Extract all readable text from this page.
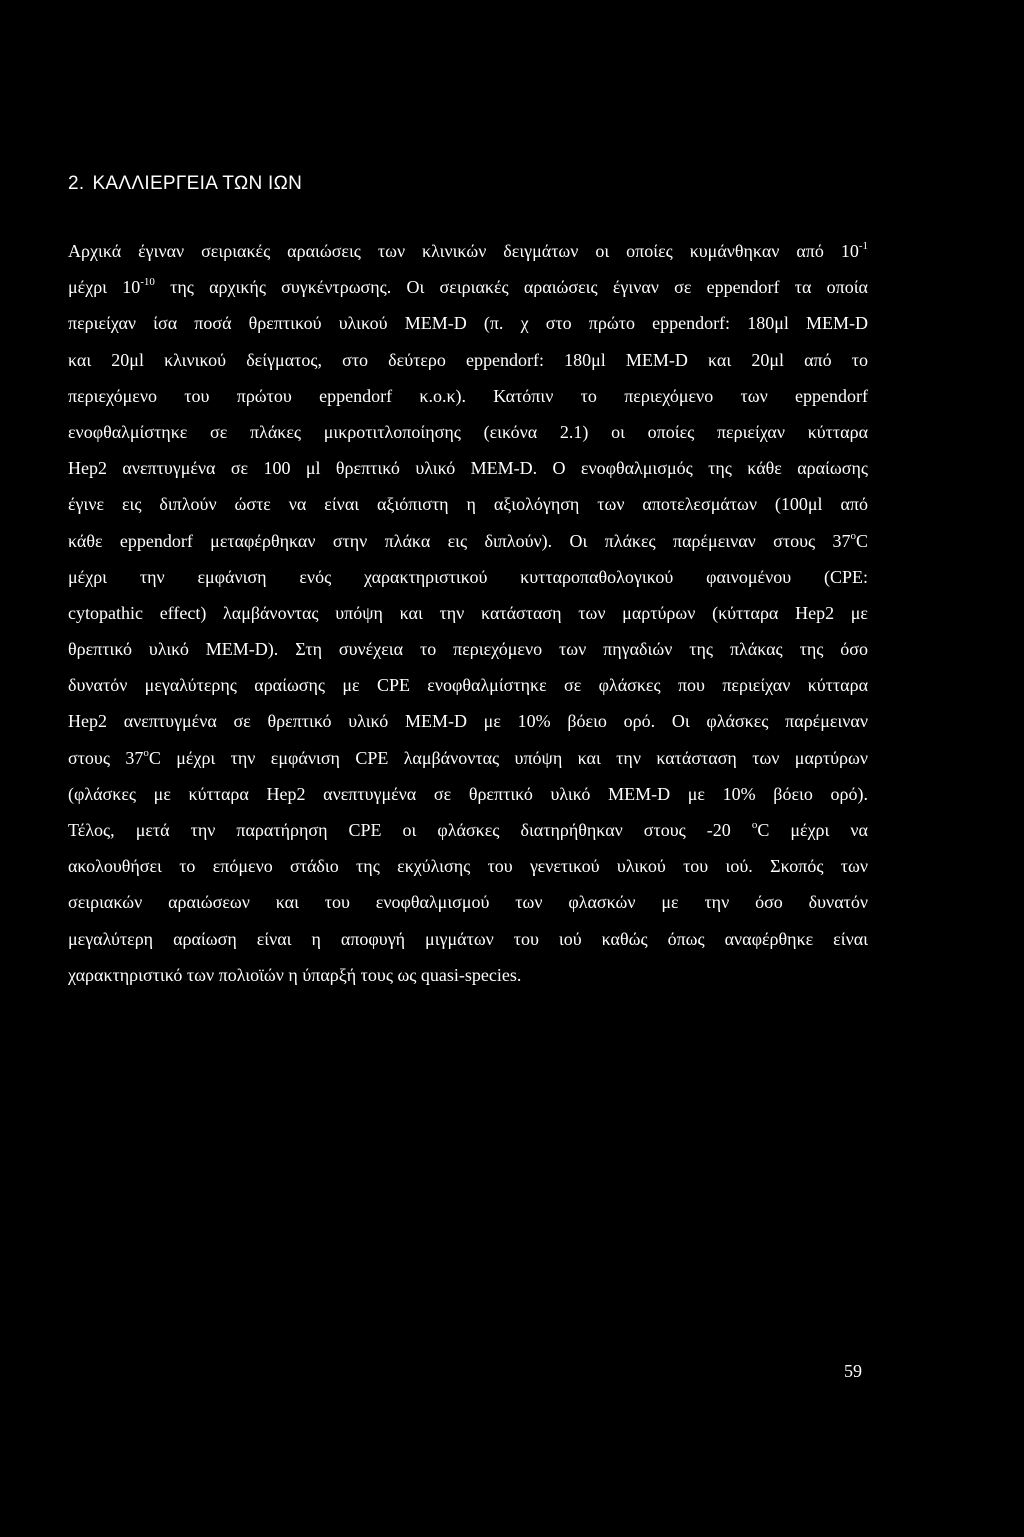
2. ΚΑΛΛΙΕΡΓΕΙΑ ΤΩΝ ΙΩΝ
Αρχικά έγιναν σειριακές αραιώσεις των κλινικών δειγμάτων οι οποίες κυμάνθηκαν από $10^{-1}$
μέχρι $10^{-10}$ της αρχικής συγκέντρωσης. Οι σειριακές αραιώσεις έγιναν σε eppendorf τα οποία
περιείχαν ίσα ποσά θρεπτικού υλικού MEM-D (π. χ στο πρώτο eppendorf: 180μl MEM-D
και 20μl κλινικού δείγματος, στο δεύτερο eppendorf: 180μl MEM-D και 20μl από το
περιεχόμενο του πρώτου eppendorf κ.ο.κ). Κατόπιν το περιεχόμενο των eppendorf
ενοφθαλμίστηκε σε πλάκες μικροτιτλοποίησης (εικόνα 2.1) οι οποίες περιείχαν κύτταρα
Hep2 ανεπτυγμένα σε 100 μl θρεπτικό υλικό MEM-D. Ο ενοφθαλμισμός της κάθε αραίωσης
έγινε εις διπλούν ώστε να είναι αξιόπιστη η αξιολόγηση των αποτελεσμάτων (100μl από
κάθε eppendorf μεταφέρθηκαν στην πλάκα εις διπλούν). Οι πλάκες παρέμειναν στους 37$^o$C
μέχρι την εμφάνιση ενός χαρακτηριστικού κυτταροπαθολογικού φαινομένου (CPE:
cytopathic effect) λαμβάνοντας υπόψη και την κατάσταση των μαρτύρων (κύτταρα Hep2 με
θρεπτικό υλικό MEM-D). Στη συνέχεια το περιεχόμενο των πηγαδιών της πλάκας της όσο
δυνατόν μεγαλύτερης αραίωσης με CPE ενοφθαλμίστηκε σε φλάσκες που περιείχαν κύτταρα
Hep2 ανεπτυγμένα σε θρεπτικό υλικό MEM-D με 10% βόειο ορό. Οι φλάσκες παρέμειναν
στους 37$^o$C μέχρι την εμφάνιση CPE λαμβάνοντας υπόψη και την κατάσταση των μαρτύρων
(φλάσκες με κύτταρα Hep2 ανεπτυγμένα σε θρεπτικό υλικό MEM-D με 10% βόειο ορό).
Τέλος, μετά την παρατήρηση CPE οι φλάσκες διατηρήθηκαν στους -20 $^o$C μέχρι να
ακολουθήσει το επόμενο στάδιο της εκχύλισης του γενετικού υλικού του ιού. Σκοπός των
σειριακών αραιώσεων και του ενοφθαλμισμού των φλασκών με την όσο δυνατόν
μεγαλύτερη αραίωση είναι η αποφυγή μιγμάτων του ιού καθώς όπως αναφέρθηκε είναι
χαρακτηριστικό των πολιοϊών η ύπαρξή τους ως quasi-species.
59
